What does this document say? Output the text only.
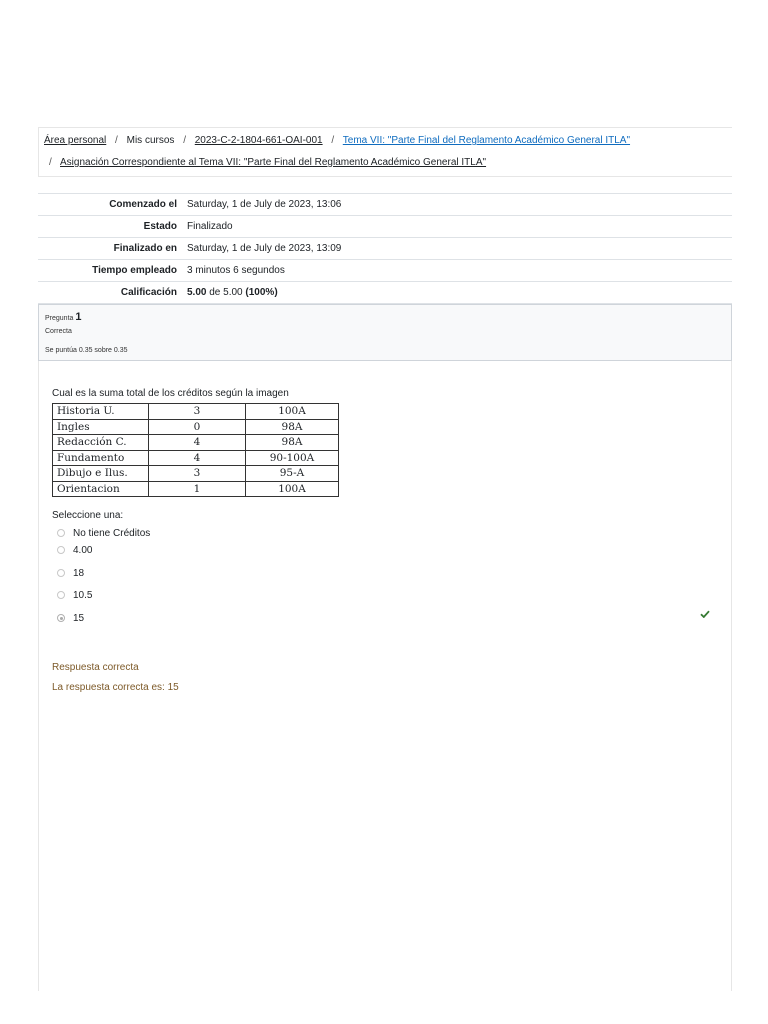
Área personal / Mis cursos / 2023-C-2-1804-661-OAI-001 / Tema VII: "Parte Final del Reglamento Académico General ITLA"
/ Asignación Correspondiente al Tema VII: "Parte Final del Reglamento Académico General ITLA"
Comenzado el	Saturday, 1 de July de 2023, 13:06
Estado	Finalizado
Finalizado en	Saturday, 1 de July de 2023, 13:09
Tiempo empleado	3 minutos 6 segundos
Calificación	5.00 de 5.00 (100%)
Pregunta 1
Correcta
Se puntúa 0.35 sobre 0.35
Cual es la suma total de los créditos según la imagen
Historia U.	3	100A
Ingles	0	98A
Redacción C.	4	98A
Fundamento	4	90-100A
Dibujo e Ilus.	3	95-A
Orientacion	1	100A
Seleccione una:
No tiene Créditos
4.00
18
10.5
15
Respuesta correcta
La respuesta correcta es: 15
